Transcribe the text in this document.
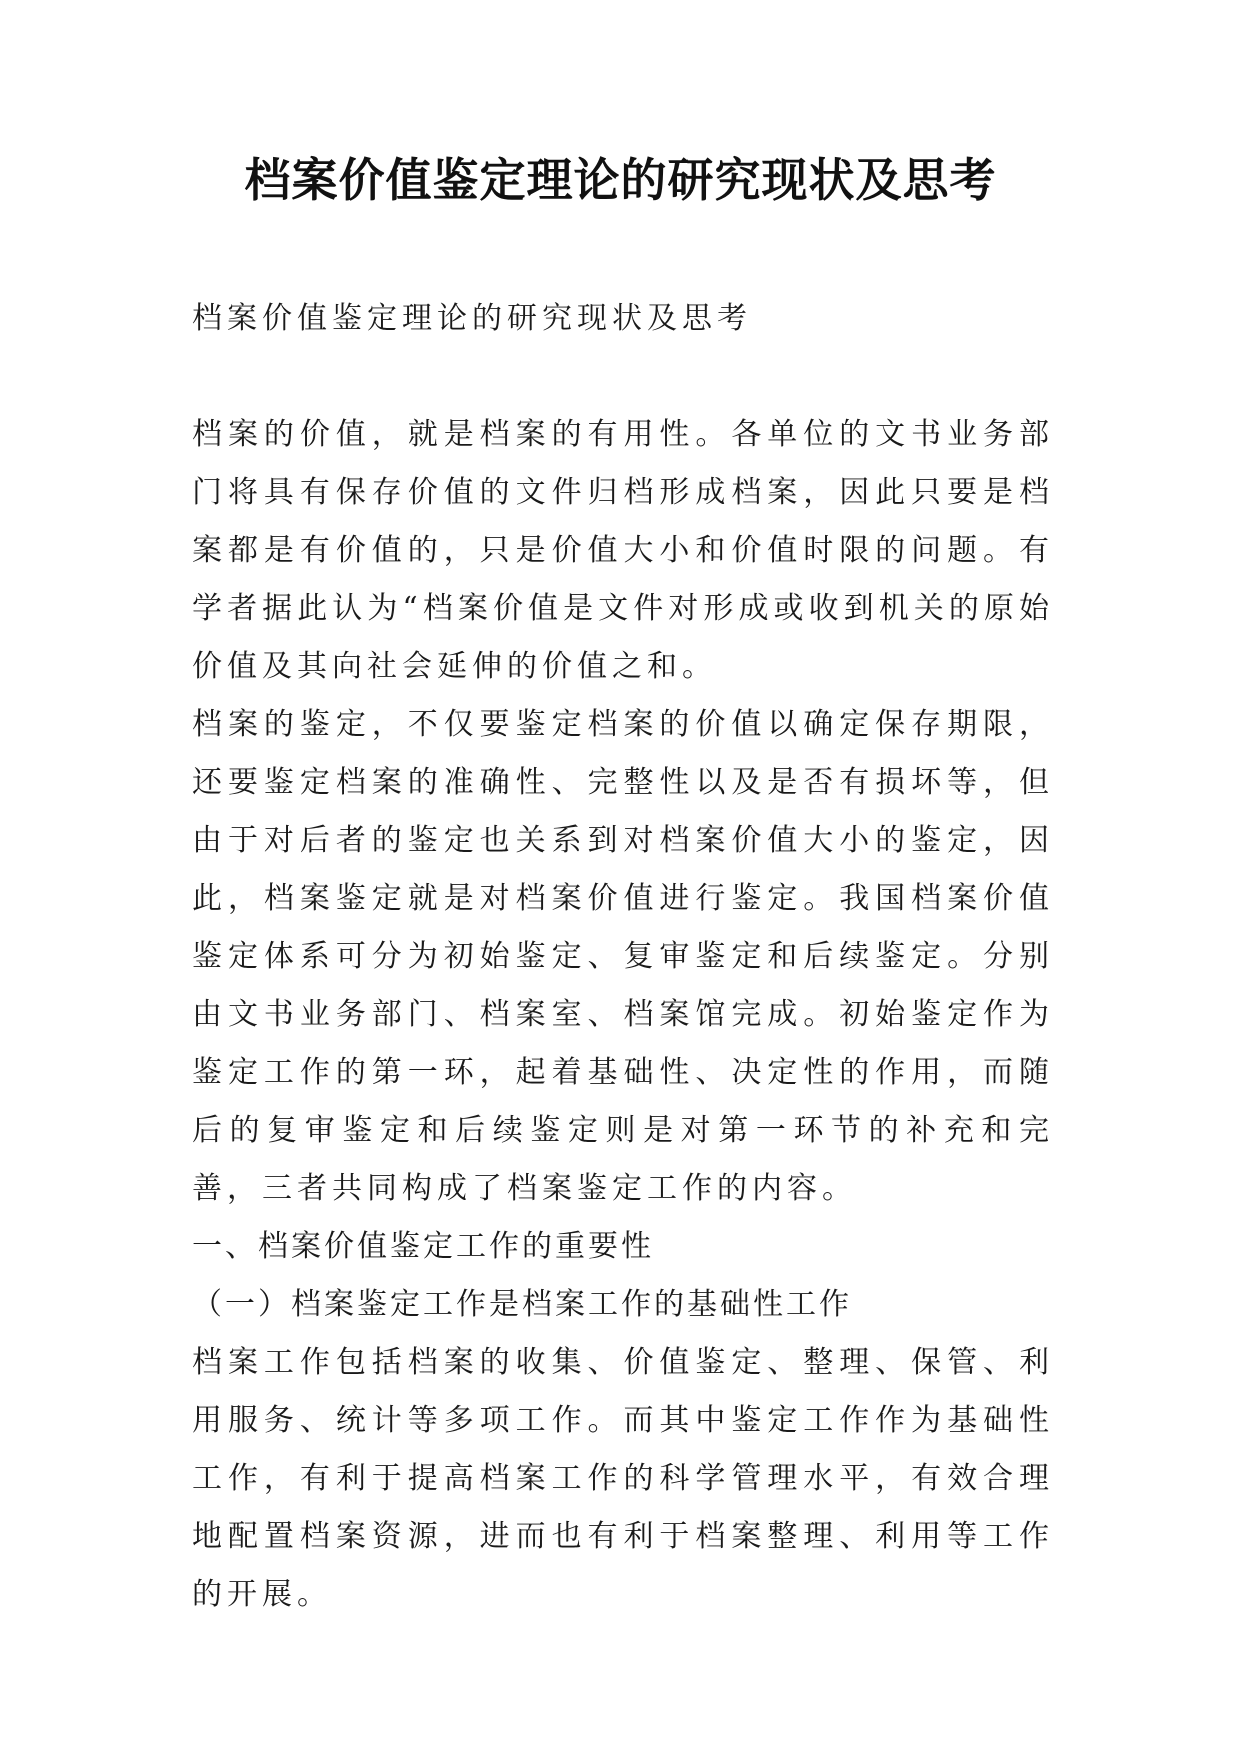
档案价值鉴定理论的研究现状及思考

档案价值鉴定理论的研究现状及思考

档案的价值，就是档案的有用性。各单位的文书业务部门将具有保存价值的文件归档形成档案，因此只要是档案都是有价值的，只是价值大小和价值时限的问题。有学者据此认为“档案价值是文件对形成或收到机关的原始价值及其向社会延伸的价值之和。

档案的鉴定，不仅要鉴定档案的价值以确定保存期限，还要鉴定档案的准确性、完整性以及是否有损坏等，但由于对后者的鉴定也关系到对档案价值大小的鉴定，因此，档案鉴定就是对档案价值进行鉴定。我国档案价值鉴定体系可分为初始鉴定、复审鉴定和后续鉴定。分别由文书业务部门、档案室、档案馆完成。初始鉴定作为鉴定工作的第一环，起着基础性、决定性的作用，而随后的复审鉴定和后续鉴定则是对第一环节的补充和完善，三者共同构成了档案鉴定工作的内容。

一、档案价值鉴定工作的重要性

（一）档案鉴定工作是档案工作的基础性工作

档案工作包括档案的收集、价值鉴定、整理、保管、利用服务、统计等多项工作。而其中鉴定工作作为基础性工作，有利于提高档案工作的科学管理水平，有效合理地配置档案资源，进而也有利于档案整理、利用等工作的开展。
